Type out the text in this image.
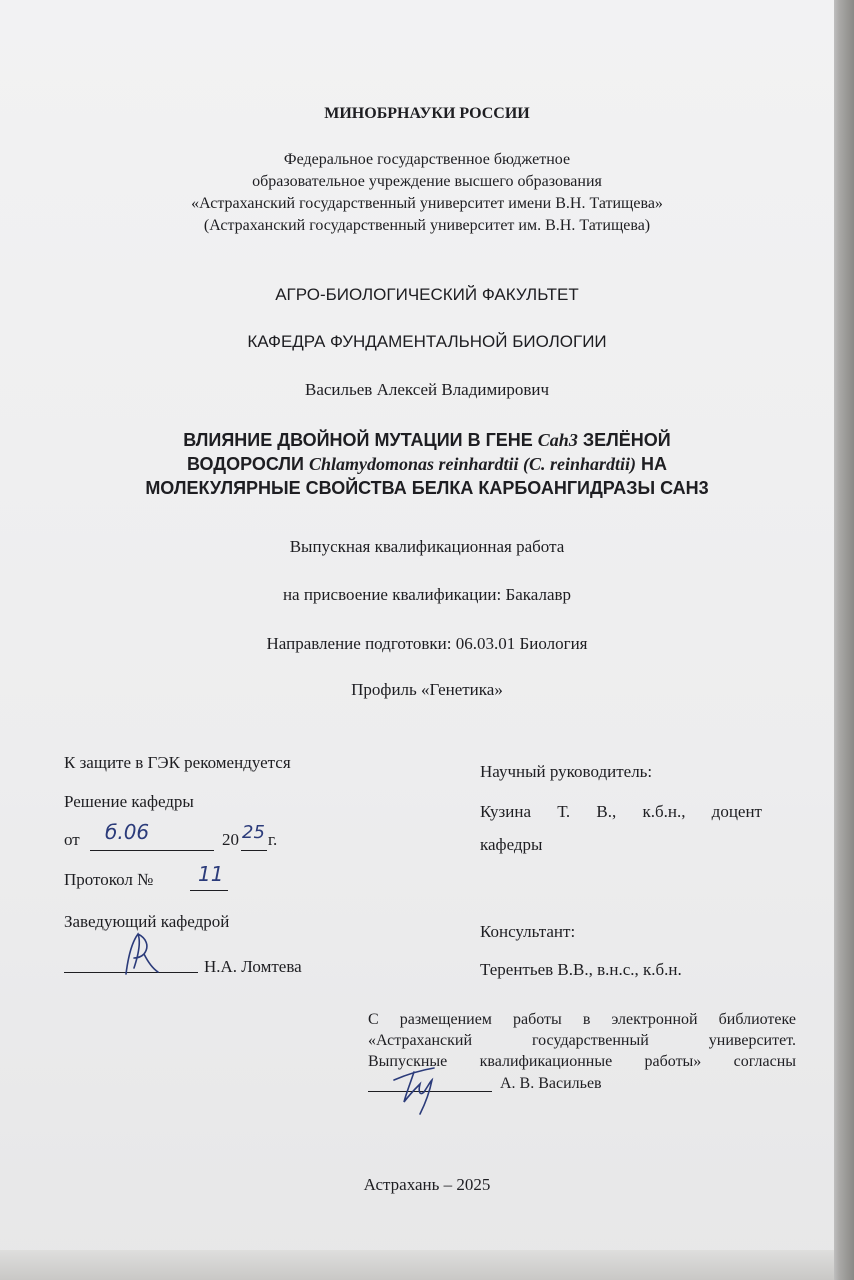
МИНОБРНАУКИ РОССИИ
Федеральное государственное бюджетное
образовательное учреждение высшего образования
«Астраханский государственный университет имени В.Н. Татищева»
(Астраханский государственный университет им. В.Н. Татищева)
АГРО-БИОЛОГИЧЕСКИЙ ФАКУЛЬТЕТ
КАФЕДРА ФУНДАМЕНТАЛЬНОЙ БИОЛОГИИ
Васильев Алексей Владимирович
ВЛИЯНИЕ ДВОЙНОЙ МУТАЦИИ В ГЕНЕ Cah3 ЗЕЛЁНОЙ
ВОДОРОСЛИ Chlamydomonas reinhardtii (C. reinhardtii) НА
МОЛЕКУЛЯРНЫЕ СВОЙСТВА БЕЛКА КАРБОАНГИДРАЗЫ САН3
Выпускная квалификационная работа
на присвоение квалификации: Бакалавр
Направление подготовки: 06.03.01 Биология
Профиль «Генетика»
К защите в ГЭК рекомендуется
Решение кафедры
от б.06	20 25 г.
Протокол № 11
Заведующий кафедрой
Н.А. Ломтева
Научный руководитель:
Кузина Т. В., к.б.н., доцент
кафедры
Консультант:
Терентьев В.В., в.н.с., к.б.н.
С размещением работы в электронной библиотеке
«Астраханский государственный университет.
Выпускные квалификационные работы» согласны
А. В. Васильев
Астрахань – 2025
